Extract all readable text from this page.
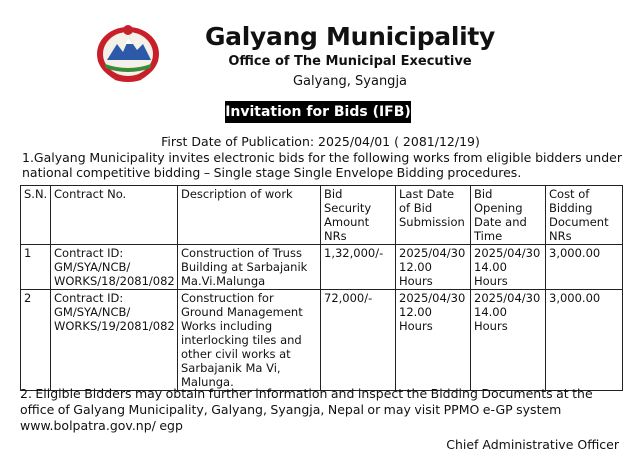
Galyang Municipality
Office of The Municipal Executive
Galyang, Syangja
Invitation for Bids (IFB)
First Date of Publication: 2025/04/01 ( 2081/12/19)
1.Galyang Municipality invites electronic bids for the following works from eligible bidders under national competitive bidding – Single stage Single Envelope Bidding procedures.
S.N.	Contract No.	Description of work	Bid Security Amount NRs	Last Date of Bid Submission	Bid Opening Date and Time	Cost of Bidding Document NRs
1	Contract ID: GM/SYA/NCB/ WORKS/18/2081/082	Construction of Truss Building at Sarbajanik Ma.Vi.Malunga	1,32,000/-	2025/04/30 12.00 Hours	2025/04/30 14.00 Hours	3,000.00
2	Contract ID: GM/SYA/NCB/ WORKS/19/2081/082	Construction for Ground Management Works including interlocking tiles and other civil works at Sarbajanik Ma Vi, Malunga.	72,000/-	2025/04/30 12.00 Hours	2025/04/30 14.00 Hours	3,000.00
2. Eligible Bidders may obtain further information and inspect the Bidding Documents at the office of Galyang Municipality, Galyang, Syangja, Nepal or may visit PPMO e-GP system www.bolpatra.gov.np/ egp
Chief Administrative Officer
